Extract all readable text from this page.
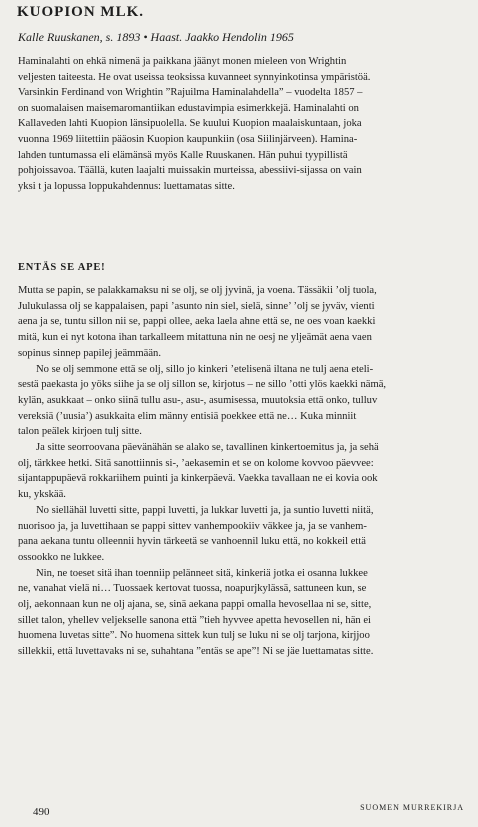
KUOPION MLK.
Kalle Ruuskanen, s. 1893 • Haast. Jaakko Hendolin 1965
Haminalahti on ehkä nimenä ja paikkana jäänyt monen mieleen von Wrightin
veljesten taiteesta. He ovat useissa teoksissa kuvanneet synnyinkotinsa ympäristöä.
Varsinkin Ferdinand von Wrightin ”Rajuilma Haminalahdella” – vuodelta 1857 –
on suomalaisen maisemaromantiikan edustavimpia esimerkkejä. Haminalahti on
Kallaveden lahti Kuopion länsipuolella. Se kuului Kuopion maalaiskuntaan, joka
vuonna 1969 liitettiin pääosin Kuopion kaupunkiin (osa Siilinjärveen). Hamina-
lahden tuntumassa eli elämänsä myös Kalle Ruuskanen. Hän puhui tyypillistä
pohjoissavoa. Täällä, kuten laajalti muissakin murteissa, abessiivi-sijassa on vain
yksi t ja lopussa loppukahdennus: luettamatas sitte.
ENTÄS SE APE!
Mutta se papin, se palakkamaksu ni se olj, se olj jyvinä, ja voena. Tässäkii ’olj tuola,
Julukulassa olj se kappalaisen, papi ’asunto nin siel, sielä, sinne’ ’olj se jyväv, vienti
aena ja se, tuntu sillon nii se, pappi ollee, aeka laela ahne että se, ne oes voan kaekki
mitä, kun ei nyt kotona ihan tarkalleem mitattuna nin ne oesj ne yljeämät aena vaen
sopinus sinnep papilej jeämmään.
No se olj semmone että se olj, sillo jo kinkeri ’etelisenä iltana ne tulj aena eteli-
sestä paekasta jo yöks siihe ja se olj sillon se, kirjotus – ne sillo ’otti ylös kaekki nämä,
kylän, asukkaat – onko siinä tullu asu-, asu-, asumisessa, muutoksia että onko, tulluv
vereksiä (’uusia’) asukkaita elim männy entisiä poekkee että ne… Kuka minniit
talon peälek kirjoen tulj sitte.
Ja sitte seorroovana päevänähän se alako se, tavallinen kinkertoemitus ja, ja sehä
olj, tärkkee hetki. Sitä sanottiinnis si-, ’aekasemin et se on kolome kovvoo päevvee:
sijantappupäevä rokkariihem puinti ja kinkerpäevä. Vaekka tavallaan ne ei kovia ook
ku, ykskää.
No siellähäl luvetti sitte, pappi luvetti, ja lukkar luvetti ja, ja suntio luvetti niitä,
nuorisoo ja, ja luvettihaan se pappi sittev vanhempookiiv väkkee ja, ja se vanhem-
pana aekana tuntu olleennii hyvin tärkeetä se vanhoennil luku että, no kokkeil että
ossookko ne lukkee.
Nin, ne toeset sitä ihan toenniip pelänneet sitä, kinkeriä jotka ei osanna lukkee
ne, vanahat vielä ni… Tuossaek kertovat tuossa, noapurjkylässä, sattuneen kun, se
olj, aekonnaan kun ne olj ajana, se, sinä aekana pappi omalla hevosellaa ni se, sitte,
sillet talon, yhellev veljekselle sanona että ”tieh hyvvee apetta hevosellen ni, hän ei
huomena luvetas sitte”. No huomena sittek kun tulj se luku ni se olj tarjona, kirjjoo
sillekkii, että luvettavaks ni se, suhahtana ”entäs se ape”! Ni se jäe luettamatas sitte.
490	SUOMEN MURREKIRJA
